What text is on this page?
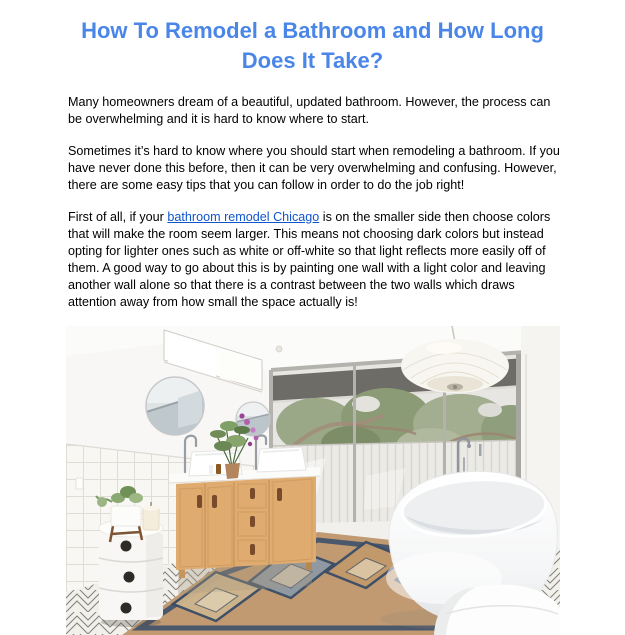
How To Remodel a Bathroom and How Long
Does It Take?

Many homeowners dream of a beautiful, updated bathroom. However, the process can be overwhelming and it is hard to know where to start.

Sometimes it’s hard to know where you should start when remodeling a bathroom. If you have never done this before, then it can be very overwhelming and confusing. However, there are some easy tips that you can follow in order to do the job right!

First of all, if your bathroom remodel Chicago is on the smaller side then choose colors that will make the room seem larger. This means not choosing dark colors but instead opting for lighter ones such as white or off-white so that light reflects more easily off of them. A good way to go about this is by painting one wall with a light color and leaving another wall alone so that there is a contrast between the two walls which draws attention away from how small the space actually is!
